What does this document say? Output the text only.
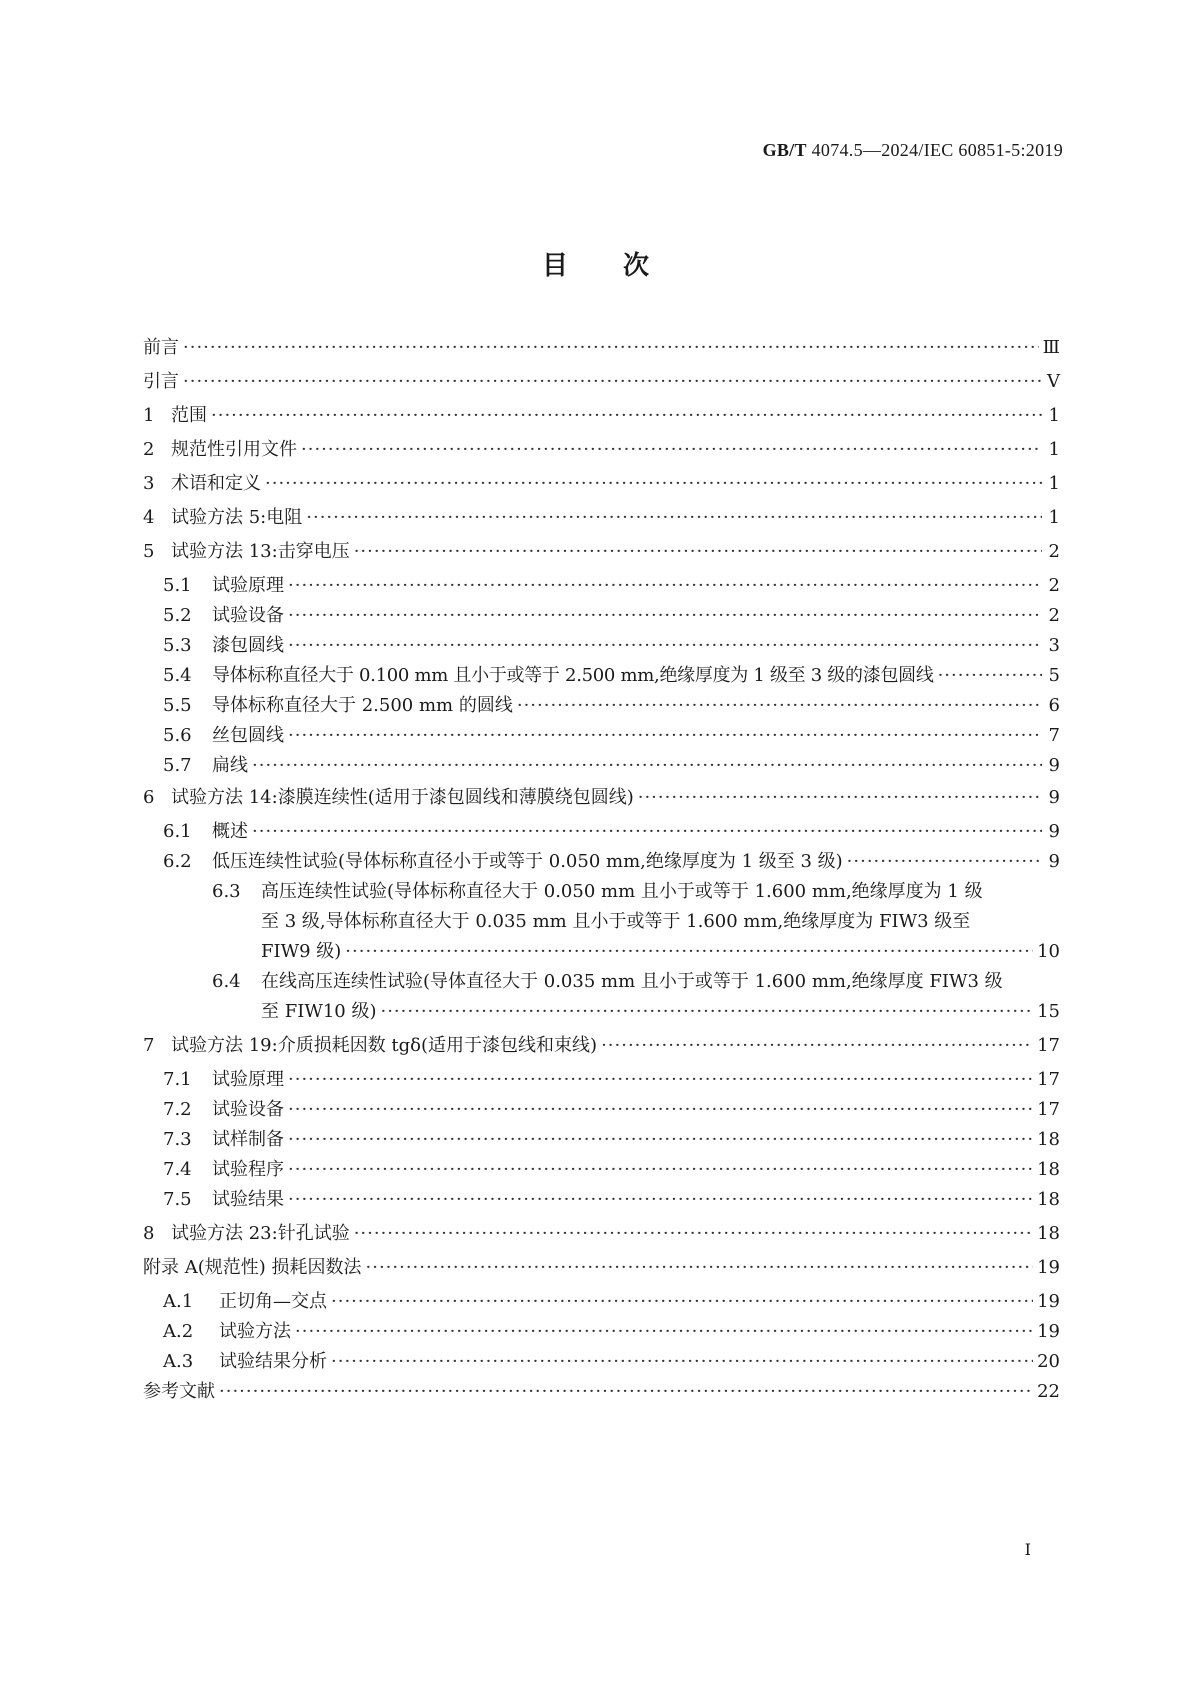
GB/T 4074.5—2024/IEC 60851-5:2019
目次
前言 ·····	Ⅲ
引言 ·····	Ⅴ
1 范围 ·····	1
2 规范性引用文件 ·····	1
3 术语和定义 ·····	1
4 试验方法 5:电阻 ·····	1
5 试验方法 13:击穿电压 ·····	2
5.1	试验原理 ·····	2
5.2	试验设备 ·····	2
5.3	漆包圆线 ·····	3
5.4	导体标称直径大于 0.100 mm 且小于或等于 2.500 mm,绝缘厚度为 1 级至 3 级的漆包圆线 ·····	5
5.5	导体标称直径大于 2.500 mm 的圆线 ·····	6
5.6	丝包圆线 ·····	7
5.7	扁线 ·····	9
6 试验方法 14:漆膜连续性(适用于漆包圆线和薄膜绕包圆线) ·····	9
6.1	概述 ·····	9
6.2	低压连续性试验(导体标称直径小于或等于 0.050 mm,绝缘厚度为 1 级至 3 级) ·····	9
6.3	高压连续性试验(导体标称直径大于 0.050 mm 且小于或等于 1.600 mm,绝缘厚度为 1 级
至 3 级,导体标称直径大于 0.035 mm 且小于或等于 1.600 mm,绝缘厚度为 FIW3 级至
FIW9 级) ·····	10
6.4	在线高压连续性试验(导体直径大于 0.035 mm 且小于或等于 1.600 mm,绝缘厚度 FIW3 级
至 FIW10 级) ·····	15
7 试验方法 19:介质损耗因数 tgδ(适用于漆包线和束线) ·····	17
7.1	试验原理 ·····	17
7.2	试验设备 ·····	17
7.3	试样制备 ·····	18
7.4	试验程序 ·····	18
7.5	试验结果 ·····	18
8 试验方法 23:针孔试验 ·····	18
附录 A(规范性) 损耗因数法 ·····	19
A.1	正切角—交点 ·····	19
A.2	试验方法 ·····	19
A.3	试验结果分析 ·····	20
参考文献 ·····	22
Ⅰ
